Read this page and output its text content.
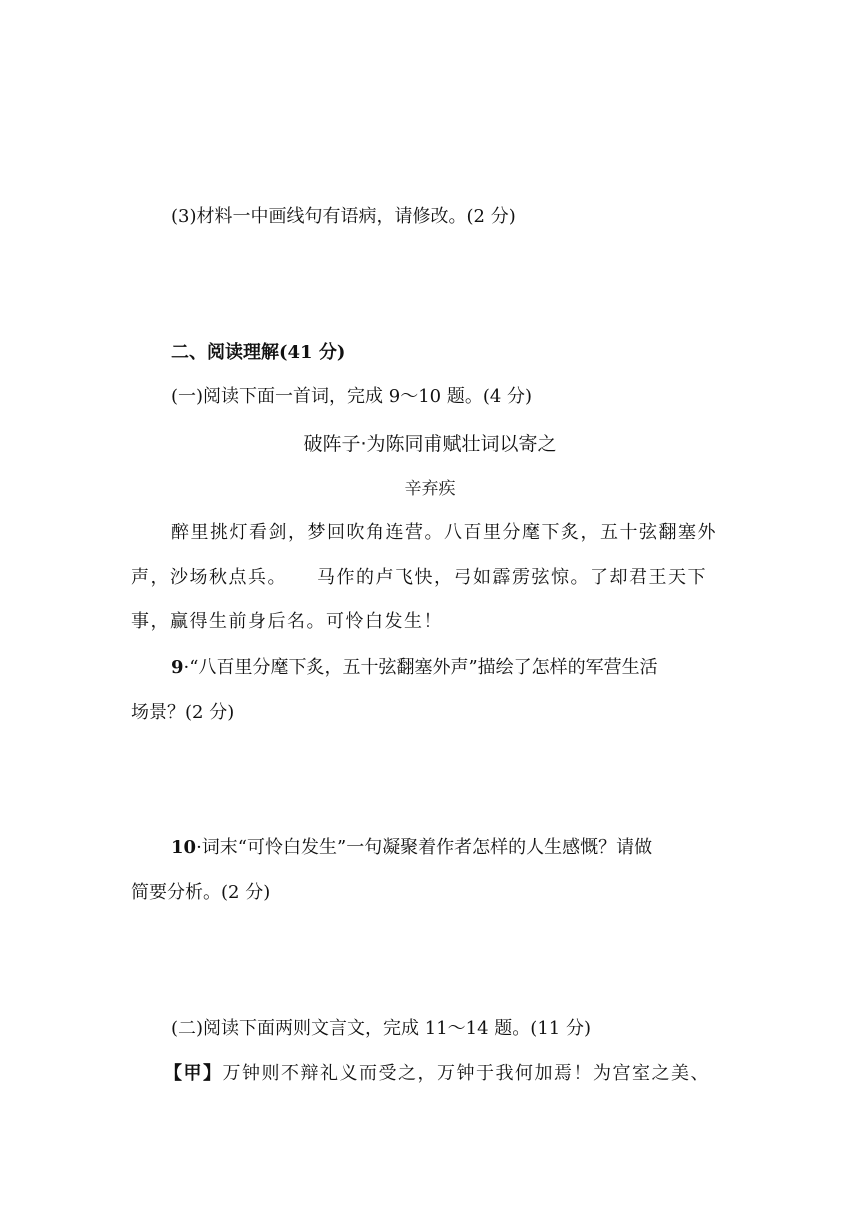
(3)材料一中画线句有语病，请修改。(2 分)
二、阅读理解(41 分)
(一)阅读下面一首词，完成 9～10 题。(4 分)
破阵子·为陈同甫赋壮词以寄之
辛弃疾
醉里挑灯看剑，梦回吹角连营。八百里分麾下炙，五十弦翻塞外
声，沙场秋点兵。　　马作的卢飞快，弓如霹雳弦惊。了却君王天下
事，赢得生前身后名。可怜白发生！
9·“八百里分麾下炙，五十弦翻塞外声”描绘了怎样的军营生活
场景？(2 分)
10·词末“可怜白发生”一句凝聚着作者怎样的人生感慨？请做
简要分析。(2 分)
(二)阅读下面两则文言文，完成 11～14 题。(11 分)
【甲】万钟则不辩礼义而受之，万钟于我何加焉！为宫室之美、
